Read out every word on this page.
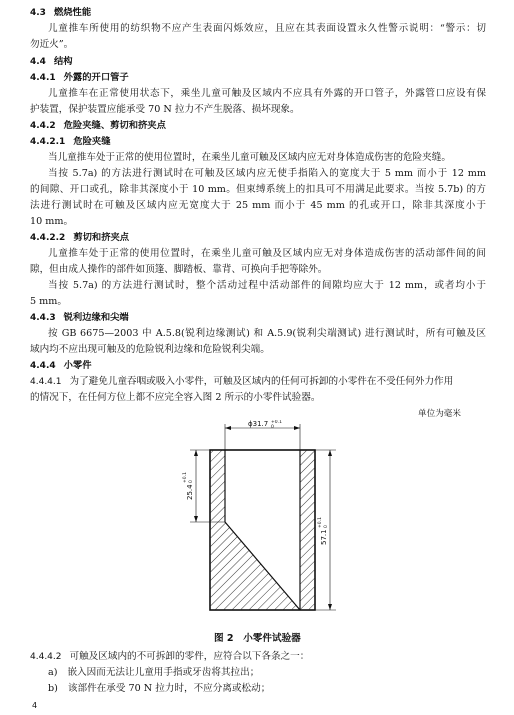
4.3 燃烧性能
儿童推车所使用的纺织物不应产生表面闪烁效应，且应在其表面设置永久性警示说明：“警示：切
勿近火”。
4.4 结构
4.4.1 外露的开口管子
儿童推车在正常使用状态下，乘坐儿童可触及区域内不应具有外露的开口管子，外露管口应设有保
护装置，保护装置应能承受 70 N 拉力不产生脱落、损坏现象。
4.4.2 危险夹缝、剪切和挤夹点
4.4.2.1 危险夹缝
当儿童推车处于正常的使用位置时，在乘坐儿童可触及区域内应无对身体造成伤害的危险夹缝。
当按 5.7a) 的方法进行测试时在可触及区域内应无使手指陷入的宽度大于 5 mm 而小于 12 mm
的间隙、开口或孔，除非其深度小于 10 mm。但束缚系统上的扣具可不用满足此要求。当按 5.7b) 的方
法进行测试时在可触及区域内应无宽度大于 25 mm 而小于 45 mm 的孔或开口，除非其深度小于
10 mm。
4.4.2.2 剪切和挤夹点
儿童推车处于正常的使用位置时，在乘坐儿童可触及区域内应无对身体造成伤害的活动部件间的间
隙，但由成人操作的部件如顶篷、脚踏板、靠背、可换向手把等除外。
当按 5.7a) 的方法进行测试时，整个活动过程中活动部件的间隙均应大于 12 mm，或者均小于
5 mm。
4.4.3 锐利边缘和尖端
按 GB 6675—2003 中 A.5.8(锐利边缘测试) 和 A.5.9(锐利尖端测试) 进行测试时，所有可触及区
域内均不应出现可触及的危险锐利边缘和危险锐利尖端。
4.4.4 小零件
4.4.4.1 为了避免儿童吞咽或吸入小零件，可触及区域内的任何可拆卸的小零件在不受任何外力作用
的情况下，在任何方位上都不应完全容入图 2 所示的小零件试验器。
单位为毫米
ϕ31.7 +0.1
0
25.4
+0.1 0
57.1
+0.1 0
图 2　小零件试验器
4.4.4.2 可触及区域内的不可拆卸的零件，应符合以下各条之一：
a) 嵌入因而无法让儿童用手指或牙齿将其拉出；
b) 该部件在承受 70 N 拉力时，不应分离或松动；
4
